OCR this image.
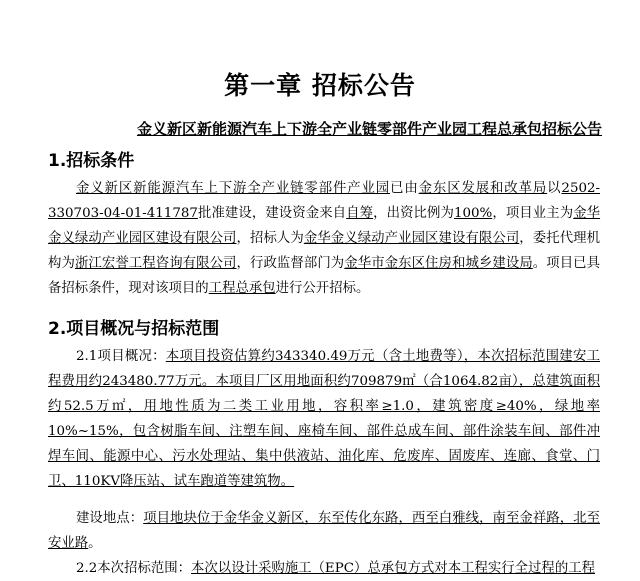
第一章 招标公告
金义新区新能源汽车上下游全产业链零部件产业园工程总承包招标公告
1.招标条件
金义新区新能源汽车上下游全产业链零部件产业园已由金东区发展和改革局以2502-330703-04-01-411787批准建设，建设资金来自自筹，出资比例为100%，项目业主为金华金义绿动产业园区建设有限公司，招标人为金华金义绿动产业园区建设有限公司，委托代理机构为浙江宏誉工程咨询有限公司，行政监督部门为金华市金东区住房和城乡建设局。项目已具备招标条件，现对该项目的工程总承包进行公开招标。
2.项目概况与招标范围
2.1项目概况：本项目投资估算约343340.49万元（含土地费等），本次招标范围建安工程费用约243480.77万元。本项目厂区用地面积约709879㎡（合1064.82亩），总建筑面积约52.5万㎡，用地性质为二类工业用地，容积率≥1.0，建筑密度≥40%，绿地率10%~15%，包含树脂车间、注塑车间、座椅车间、部件总成车间、部件涂装车间、部件冲焊车间、能源中心、污水处理站、集中供液站、油化库、危废库、固废库、连廊、食堂、门卫、110KV降压站、试车跑道等建筑物。
建设地点：项目地块位于金华金义新区，东至传化东路，西至白雅线，南至金祥路，北至安业路。
2.2本次招标范围：本次以设计采购施工（EPC）总承包方式对本工程实行全过程的工程
